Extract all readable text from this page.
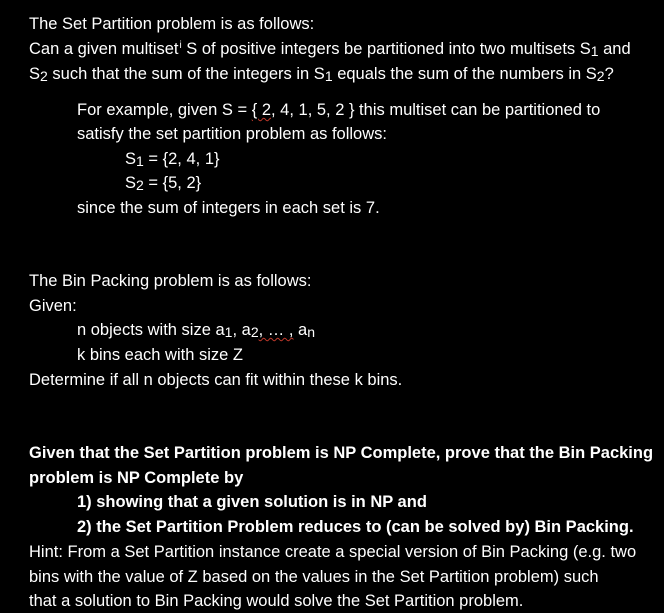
The Set Partition problem is as follows:
Can a given multiset$^i$ S of positive integers be partitioned into two multisets S1 and
S2 such that the sum of the integers in S1 equals the sum of the numbers in S2?
For example, given S = { 2, 4, 1, 5, 2 } this multiset can be partitioned to
satisfy the set partition problem as follows:
S1 = {2, 4, 1}
S2 = {5, 2}
since the sum of integers in each set is 7.
The Bin Packing problem is as follows:
Given:
n objects with size a1, a2, … , an
k bins each with size Z
Determine if all n objects can fit within these k bins.
Given that the Set Partition problem is NP Complete, prove that the Bin Packing
problem is NP Complete by
1) showing that a given solution is in NP and
2) the Set Partition Problem reduces to (can be solved by) Bin Packing.
Hint: From a Set Partition instance create a special version of Bin Packing (e.g. two
bins with the value of Z based on the values in the Set Partition problem) such
that a solution to Bin Packing would solve the Set Partition problem.
